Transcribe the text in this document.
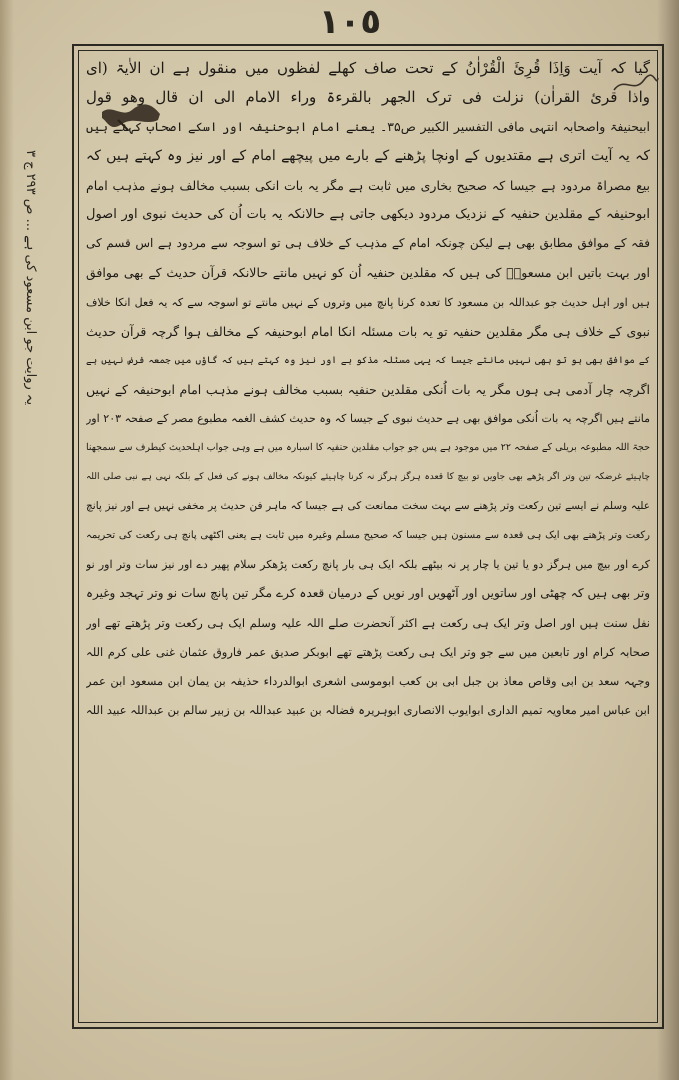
١٠٥
یہ روایت جو ابن مسعود کی ہے ... ص ۲۹۳ ج ۳
گیا کہ آیت وَاِذَا قُرِئَ الْقُرْاٰنُ کے تحت صاف کھلے لفظوں میں منقول ہے ان الاٰیۃ (ای
واذا قرئ القراٰن) نزلت فی ترک الجھر بالقرءۃ وراء الامام الی ان قال وھو قول
ابیحنیفۃ واصحابہ انتہی مافی التفسیر الکبیر ص۳۵۔ یعنے امام ابوحنیفہ اور اسکے اصحاب کہتے ہیں
کہ یہ آیت اتری ہے مقتدیوں کے اونچا پڑھنے کے بارے میں پیچھے امام کے اور نیز وہ کہتے ہیں کہ
بیع مصراۃ مردود ہے جیسا کہ صحیح بخاری میں ثابت ہے مگر یہ بات انکی بسبب مخالف ہونے مذہب امام
ابوحنیفہ کے مقلدین حنفیہ کے نزدیک مردود دیکھی جاتی ہے حالانکہ یہ بات اُن کی حدیث نبوی اور اصول
فقہ کے موافق مطابق بھی ہے لیکن چونکہ امام کے مذہب کے خلاف ہی تو اسوجہ سے مردود ہے اس قسم کی
اور بہت باتیں ابن مسعودؓ کی ہیں کہ مقلدین حنفیہ اُن کو نہیں مانتے حالانکہ قرآن حدیث کے بھی موافق
ہیں اور اہل حدیث جو عبداللہ بن مسعود کا تعدہ کرنا پانچ میں وتروں کے نہیں مانتے تو اسوجہ سے کہ یہ فعل انکا خلاف
نبوی کے خلاف ہی مگر مقلدین حنفیہ تو یہ بات مسئلہ انکا امام ابوحنیفہ کے مخالف ہوا گرچہ قرآن حدیث
کے موافق بھی ہو تو بھی نہیں مانتے جیسا کہ یہی مسئلہ مذکو ہے اور نیز وہ کہتے ہیں کہ گاؤں میں جمعہ فرض نہیں ہے
اگرچہ چار آدمی ہی ہوں مگر یہ بات اُنکی مقلدین حنفیہ بسبب مخالف ہونے مذہب امام ابوحنیفہ کے نہیں
مانتے ہیں اگرچہ یہ بات اُنکی موافق بھی ہے حدیث نبوی کے جیسا کہ وہ حدیث کشف الغمہ مطبوع مصر کے صفحہ ۲۰۳ اور
حجۃ اللہ مطبوعہ بریلی کے صفحہ ۲۲ میں موجود ہے پس جو جواب مقلدین حنفیہ کا اسبارہ میں ہے وہی جواب اہلحدیث کیطرف سے سمجھنا
چاہیئے غرضکہ تین وتر اگر پڑھے بھی جاویں تو بیچ کا قعدہ ہرگز ہرگز نہ کرنا چاہیئے کیونکہ مخالف ہونے کی فعل کے بلکہ نہی ہے نبی صلی اللہ
علیہ وسلم نے ایسے تین رکعت وتر پڑھنے سے بہت سخت ممانعت کی ہے جیسا کہ ماہر فن حدیث پر مخفی نہیں ہے اور نیز پانچ
رکعت وتر پڑھنے بھی ایک ہی قعدہ سے مسنون ہیں جیسا کہ صحیح مسلم وغیرہ میں ثابت ہے یعنی اکٹھی پانچ ہی رکعت کی تحریمہ
کرے اور بیچ میں ہرگز دو یا تین یا چار پر نہ بیٹھے بلکہ ایک ہی بار پانچ رکعت پڑھکر سلام پھیر دے اور نیز سات وتر اور نو
وتر بھی ہیں کہ چھٹی اور ساتویں اور آٹھویں اور نویں کے درمیان قعدہ کرے مگر تین پانچ سات نو وتر تہجد وغیرہ
نفل سنت ہیں اور اصل وتر ایک ہی رکعت ہے اکثر آنحضرت صلے اللہ علیہ وسلم ایک ہی رکعت وتر پڑھتے تھے اور
صحابہ کرام اور تابعین میں سے جو وتر ایک ہی رکعت پڑھتے تھے ابوبکر صدیق عمر فاروق عثمان غنی علی کرم اللہ
وجہہ سعد بن ابی وقاص معاذ بن جبل ابی بن کعب ابوموسی اشعری ابوالدرداء حذیفہ بن یمان ابن مسعود ابن عمر
ابن عباس امیر معاویہ تمیم الداری ابوایوب الانصاری ابوہریرہ فضالہ بن عبید عبداللہ بن زبیر سالم بن عبداللہ عبید اللہ
